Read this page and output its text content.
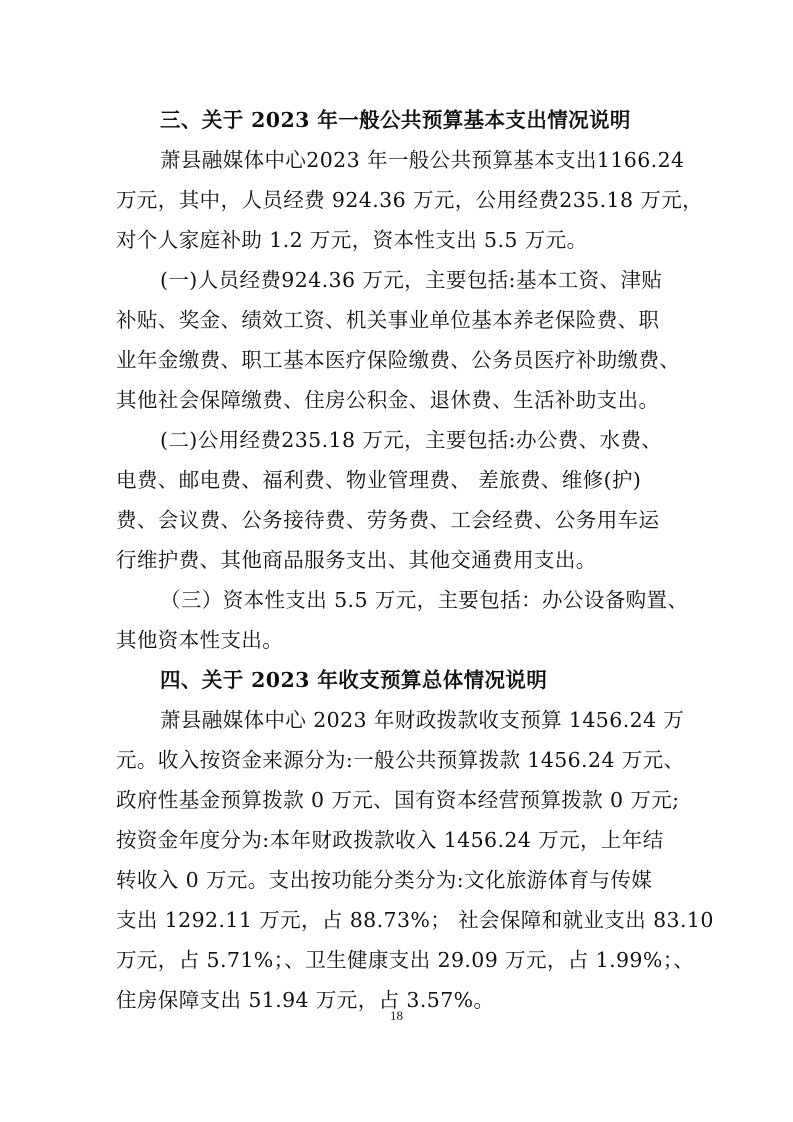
三、关于 2023 年一般公共预算基本支出情况说明
萧县融媒体中心2023 年一般公共预算基本支出1166.24
万元，其中，人员经费 924.36 万元，公用经费235.18 万元，
对个人家庭补助 1.2 万元，资本性支出 5.5 万元。
(一)人员经费924.36 万元，主要包括:基本工资、津贴
补贴、奖金、绩效工资、机关事业单位基本养老保险费、职
业年金缴费、职工基本医疗保险缴费、公务员医疗补助缴费、
其他社会保障缴费、住房公积金、退休费、生活补助支出。
(二)公用经费235.18 万元，主要包括:办公费、水费、
电费、邮电费、福利费、物业管理费、 差旅费、维修(护)
费、会议费、公务接待费、劳务费、工会经费、公务用车运
行维护费、其他商品服务支出、其他交通费用支出。
（三）资本性支出 5.5 万元，主要包括：办公设备购置、
其他资本性支出。
四、关于 2023 年收支预算总体情况说明
萧县融媒体中心 2023 年财政拨款收支预算 1456.24 万
元。收入按资金来源分为:一般公共预算拨款 1456.24 万元、
政府性基金预算拨款 0 万元、国有资本经营预算拨款 0 万元;
按资金年度分为:本年财政拨款收入 1456.24 万元，上年结
转收入 0 万元。支出按功能分类分为:文化旅游体育与传媒
支出 1292.11 万元，占 88.73%； 社会保障和就业支出 83.10
万元，占 5.71%；、卫生健康支出 29.09 万元，占 1.99%；、
住房保障支出 51.94 万元，占 3.57%。
18
